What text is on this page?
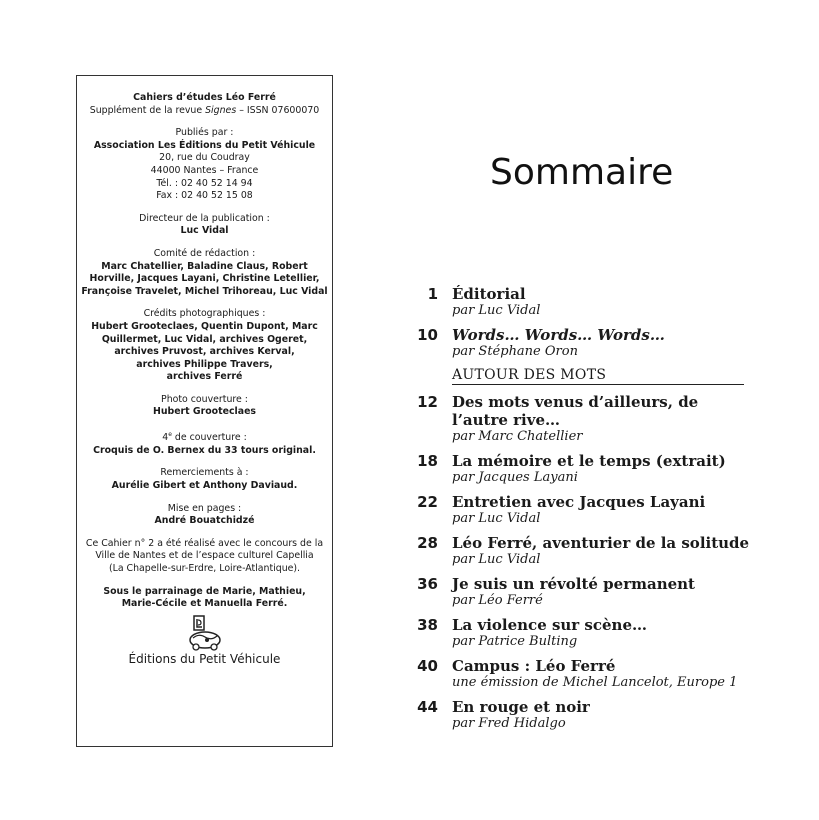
Cahiers d’études Léo Ferré
Supplément de la revue Signes – ISSN 07600070
Publiés par :
Association Les Éditions du Petit Véhicule
20, rue du Coudray
44000 Nantes – France
Tél. : 02 40 52 14 94
Fax : 02 40 52 15 08
Directeur de la publication :
Luc Vidal
Comité de rédaction :
Marc Chatellier, Baladine Claus, Robert
Horville, Jacques Layani, Christine Letellier,
Françoise Travelet, Michel Trihoreau, Luc Vidal
Crédits photographiques :
Hubert Grooteclaes, Quentin Dupont, Marc
Quillermet, Luc Vidal, archives Ogeret,
archives Pruvost, archives Kerval,
archives Philippe Travers,
archives Ferré
Photo couverture :
Hubert Grooteclaes
4e de couverture :
Croquis de O. Bernex du 33 tours original.
Remerciements à :
Aurélie Gibert et Anthony Daviaud.
Mise en pages :
André Bouatchidzé
Ce Cahier n° 2 a été réalisé avec le concours de la
Ville de Nantes et de l’espace culturel Capellia
(La Chapelle-sur-Erdre, Loire-Atlantique).
Sous le parrainage de Marie, Mathieu,
Marie-Cécile et Manuella Ferré.
Éditions du Petit Véhicule
Sommaire
1 Éditorial
par Luc Vidal
10 Words… Words… Words…
par Stéphane Oron
AUTOUR DES MOTS
12 Des mots venus d’ailleurs, de
l’autre rive…
par Marc Chatellier
18 La mémoire et le temps (extrait)
par Jacques Layani
22 Entretien avec Jacques Layani
par Luc Vidal
28 Léo Ferré, aventurier de la solitude
par Luc Vidal
36 Je suis un révolté permanent
par Léo Ferré
38 La violence sur scène…
par Patrice Bulting
40 Campus : Léo Ferré
une émission de Michel Lancelot, Europe 1
44 En rouge et noir
par Fred Hidalgo
